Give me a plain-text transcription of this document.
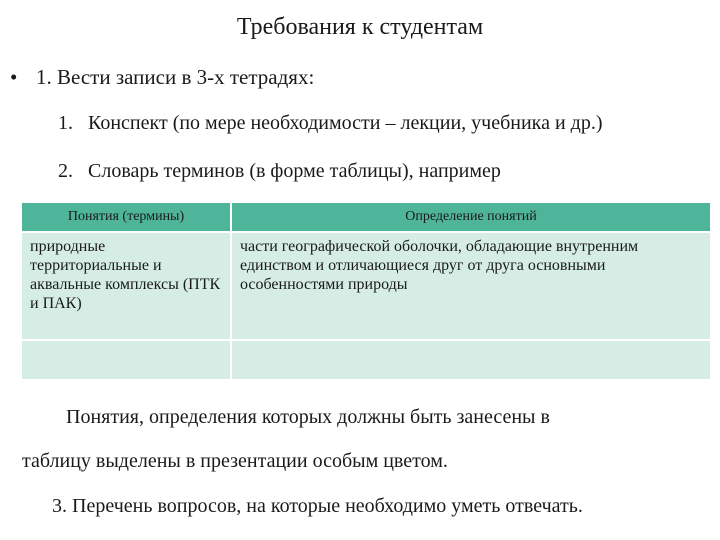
Требования к студентам
• 1. Вести записи в 3-х тетрадях:
1. Конспект (по мере необходимости – лекции, учебника и др.)
2. Словарь терминов (в форме таблицы), например
Понятия (термины)	Определение понятий
природные территориальные и аквальные комплексы (ПТК и ПАК)	части географической оболочки, обладающие внутренним единством и отличающиеся друг от друга основными особенностями природы

Понятия, определения которых должны быть занесены в
таблицу выделены в презентации особым цветом.
3. Перечень вопросов, на которые необходимо уметь отвечать.
